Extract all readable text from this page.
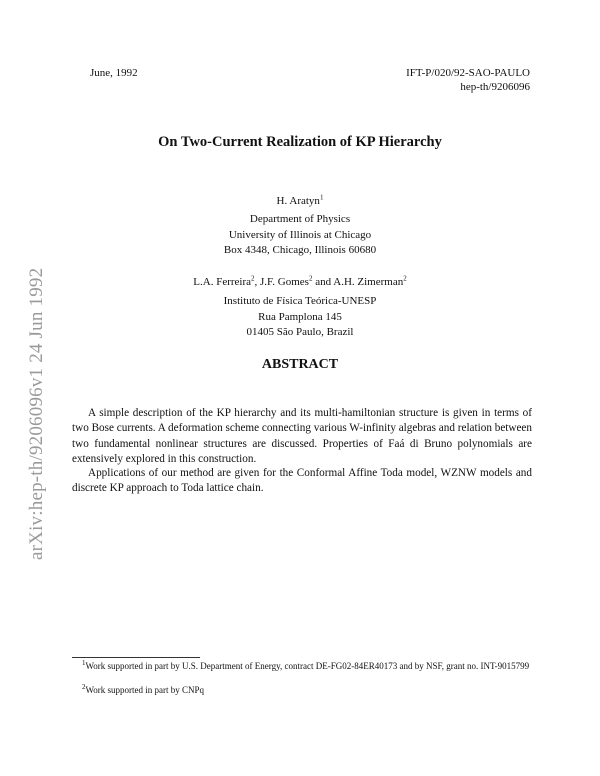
arXiv:hep-th/9206096v1 24 Jun 1992
June, 1992	IFT-P/020/92-SAO-PAULO
hep-th/9206096
On Two-Current Realization of KP Hierarchy
H. Aratyn$^1$
Department of Physics
University of Illinois at Chicago
Box 4348, Chicago, Illinois 60680
L.A. Ferreira$^2$, J.F. Gomes$^2$ and A.H. Zimerman$^2$
Instituto de Física Teórica-UNESP
Rua Pamplona 145
01405 São Paulo, Brazil
ABSTRACT
A simple description of the KP hierarchy and its multi-hamiltonian structure is given in terms of two Bose currents. A deformation scheme connecting various W-infinity algebras and relation between two fundamental nonlinear structures are discussed. Properties of Faá di Bruno polynomials are extensively explored in this construction.
Applications of our method are given for the Conformal Affine Toda model, WZNW models and discrete KP approach to Toda lattice chain.
$^1$Work supported in part by U.S. Department of Energy, contract DE-FG02-84ER40173 and by NSF, grant no. INT-9015799
$^2$Work supported in part by CNPq
